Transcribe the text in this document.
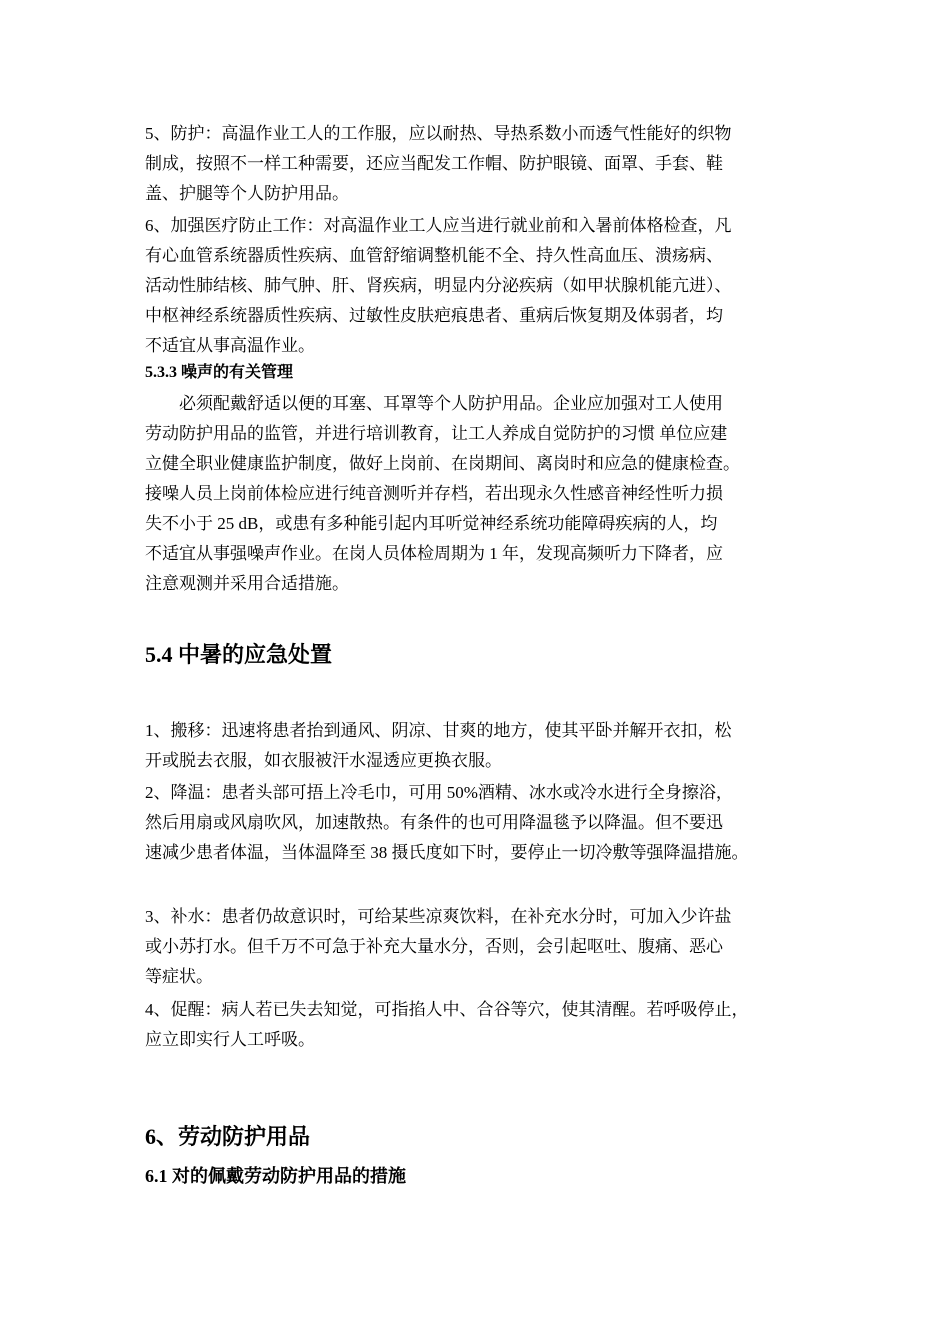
5、防护：高温作业工人的工作服，应以耐热、导热系数小而透气性能好的织物
制成，按照不一样工种需要，还应当配发工作帽、防护眼镜、面罩、手套、鞋
盖、护腿等个人防护用品。
6、加强医疗防止工作：对高温作业工人应当进行就业前和入暑前体格检查，凡
有心血管系统器质性疾病、血管舒缩调整机能不全、持久性高血压、溃疡病、
活动性肺结核、肺气肿、肝、肾疾病，明显内分泌疾病（如甲状腺机能亢进）、
中枢神经系统器质性疾病、过敏性皮肤疤痕患者、重病后恢复期及体弱者，均
不适宜从事高温作业。
5.3.3 噪声的有关管理
必须配戴舒适以便的耳塞、耳罩等个人防护用品。企业应加强对工人使用
劳动防护用品的监管，并进行培训教育，让工人养成自觉防护的习惯 单位应建
立健全职业健康监护制度，做好上岗前、在岗期间、离岗时和应急的健康检查。
接噪人员上岗前体检应进行纯音测听并存档，若出现永久性感音神经性听力损
失不小于 25 dB，或患有多种能引起内耳听觉神经系统功能障碍疾病的人，均
不适宜从事强噪声作业。在岗人员体检周期为 1 年，发现高频听力下降者，应
注意观测并采用合适措施。
5.4 中暑的应急处置
1、搬移：迅速将患者抬到通风、阴凉、甘爽的地方，使其平卧并解开衣扣，松
开或脱去衣服，如衣服被汗水湿透应更换衣服。
2、降温：患者头部可捂上冷毛巾，可用 50%酒精、冰水或冷水进行全身擦浴，
然后用扇或风扇吹风，加速散热。有条件的也可用降温毯予以降温。但不要迅
速减少患者体温，当体温降至 38 摄氏度如下时，要停止一切冷敷等强降温措施。
3、补水：患者仍故意识时，可给某些凉爽饮料，在补充水分时，可加入少许盐
或小苏打水。但千万不可急于补充大量水分，否则，会引起呕吐、腹痛、恶心
等症状。
4、促醒：病人若已失去知觉，可指掐人中、合谷等穴，使其清醒。若呼吸停止，
应立即实行人工呼吸。
6、劳动防护用品
6.1 对的佩戴劳动防护用品的措施
